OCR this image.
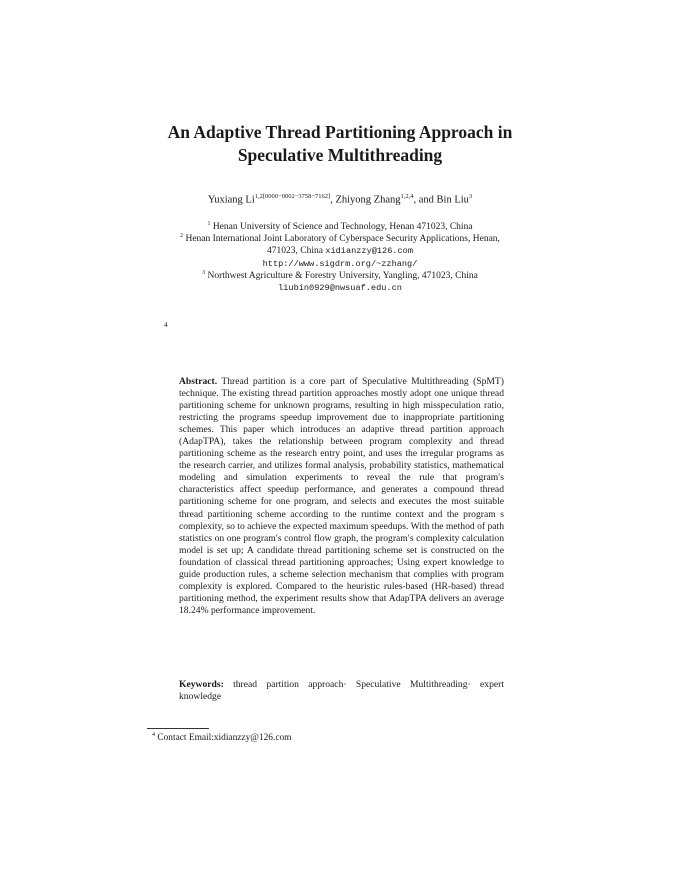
An Adaptive Thread Partitioning Approach in
Speculative Multithreading
Yuxiang $Li^{1,2[0000-0002-3758-7162]}$, Zhiyong Zhang$^{1,2,4}$, and Bin Liu$^3$
$^1$ Henan University of Science and Technology, Henan 471023, China
$^2$ Henan International Joint Laboratory of Cyberspace Security Applications, Henan,
471023, China xidianzzy@126.com
http://www.sigdrm.org/~zzhang/
$^3$ Northwest Agriculture & Forestry University, Yangling, 471023, China
liubin0929@nwsuaf.edu.cn
4
Abstract. Thread partition is a core part of Speculative Multithreading (SpMT) technique. The existing thread partition approaches mostly adopt one unique thread partitioning scheme for unknown programs, resulting in high misspeculation ratio, restricting the programs speedup improvement due to inappropriate partitioning schemes. This paper which introduces an adaptive thread partition approach (AdapTPA), takes the relationship between program complexity and thread partitioning scheme as the research entry point, and uses the irregular programs as the research carrier, and utilizes formal analysis, probability statistics, mathematical modeling and simulation experiments to reveal the rule that program′s characteristics affect speedup performance, and generates a compound thread partitioning scheme for one program, and selects and executes the most suitable thread partitioning scheme according to the runtime context and the program s complexity, so to achieve the expected maximum speedups. With the method of path statistics on one program′s control flow graph, the program′s complexity calculation model is set up; A candidate thread partitioning scheme set is constructed on the foundation of classical thread partitioning approaches; Using expert knowledge to guide production rules, a scheme selection mechanism that complies with program complexity is explored. Compared to the heuristic rules-based (HR-based) thread partitioning method, the experiment results show that AdapTPA delivers an average 18.24% performance improvement.
Keywords: thread partition approach· Speculative Multithreading· expert knowledge
$^4$ Contact Email:xidianzzy@126.com
